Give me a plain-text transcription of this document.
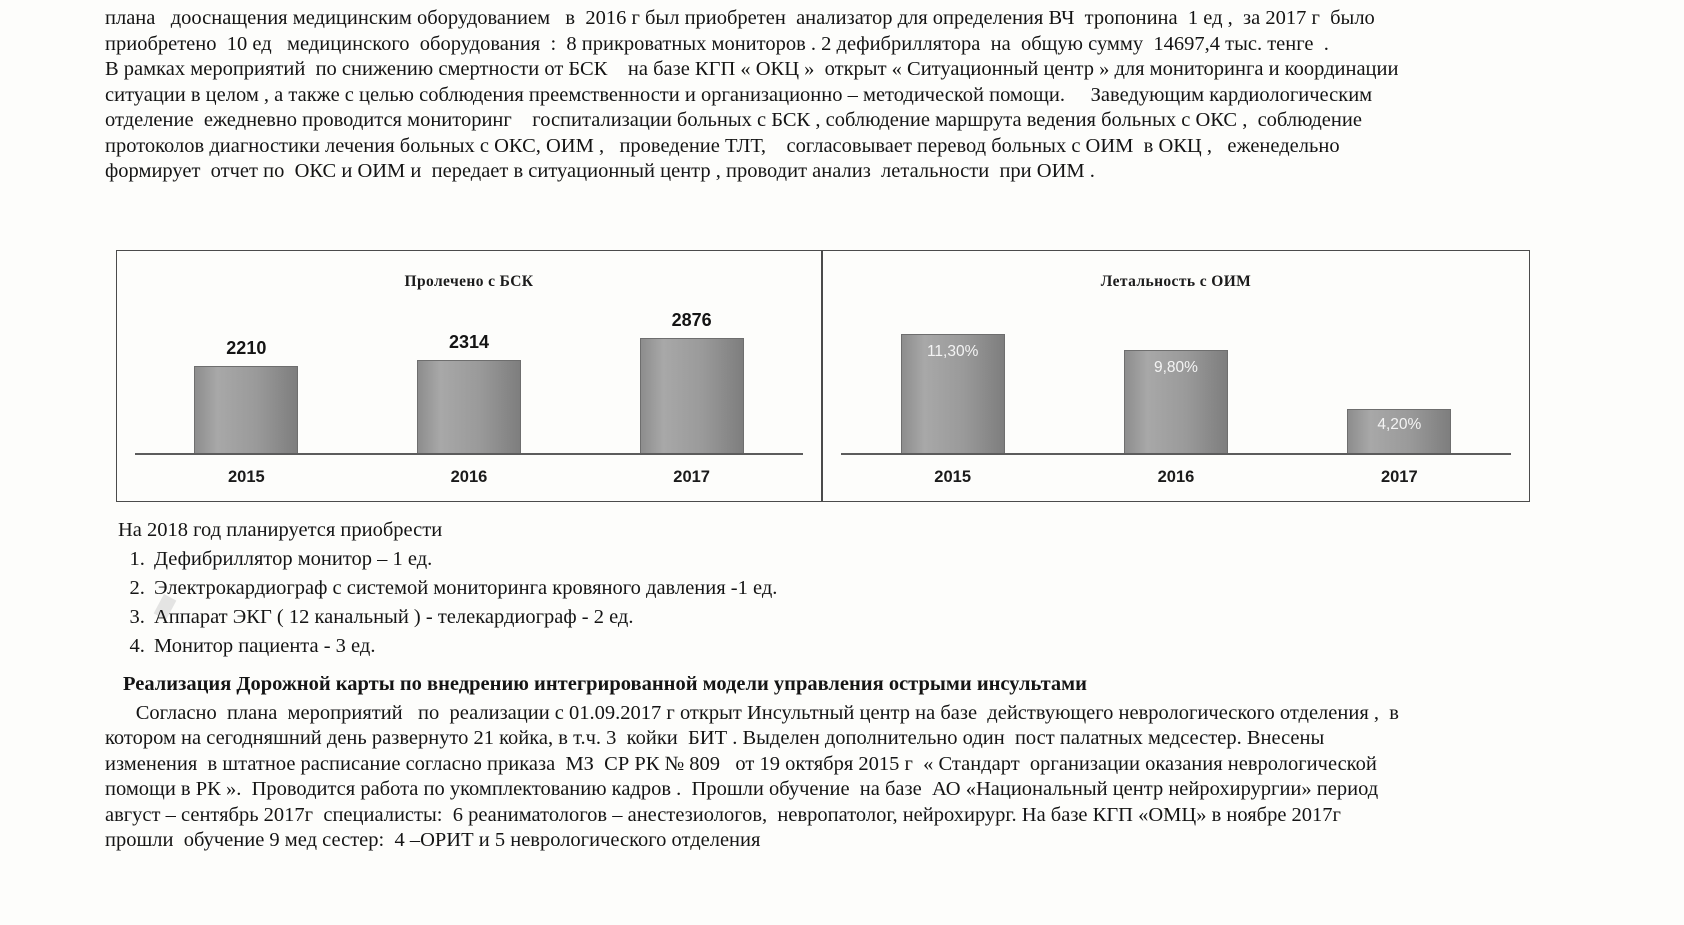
плана   дооснащения медицинским оборудованием   в  2016 г был приобретен  анализатор для определения ВЧ  тропонина  1 ед ,  за 2017 г  было

приобретено  10 ед   медицинского  оборудования  :  8 прикроватных мониторов . 2 дефибриллятора  на  общую сумму  14697,4 тыс. тенге  .

В рамках мероприятий  по снижению смертности от БСК    на базе КГП « ОКЦ »  открыт « Ситуационный центр » для мониторинга и координации

ситуации в целом , а также с целью соблюдения преемственности и организационно – методической помощи.     Заведующим кардиологическим

отделение  ежедневно проводится мониторинг    госпитализации больных с БСК , соблюдение маршрута ведения больных с ОКС ,  соблюдение

протоколов диагностики лечения больных с ОКС, ОИМ ,   проведение ТЛТ,    согласовывает перевод больных с ОИМ  в ОКЦ ,   еженедельно

формирует  отчет по  ОКС и ОИМ и  передает в ситуационный центр , проводит анализ  летальности  при ОИМ .

Пролеченo с БСК
2210	2314
2876
2015	2016	2017
Летальность с ОИМ
11,30%
9,80%
4,20%
2015	2016	2017
На 2018 год планируется приобрести
1. Дефибриллятор монитор – 1 ед.
2. Электрокардиограф с системой мониторинга кровяного давления -1 ед.
3. Аппарат ЭКГ ( 12 канальный ) - телекардиограф - 2 ед.
4. Монитор пациента - 3 ед.
Реализация Дорожной карты по внедрению интегрированной модели управления острыми инсультами

Согласно  плана  мероприятий   по  реализации с 01.09.2017 г открыт Инсультный центр на базе  действующего неврологического отделения ,  в

котором на сегодняшний день развернуто 21 койка, в т.ч. 3  койки  БИТ . Выделен дополнительно один  пост палатных медсестер. Внесены

изменения  в штатное расписание согласно приказа  МЗ  СР РК № 809   от 19 октября 2015 г  « Стандарт  организации оказания неврологической

помощи в РК ».  Проводится работа по укомплектованию кадров .  Прошли обучение  на базе  АО «Национальный центр нейрохирургии» период

август – сентябрь 2017г  специалисты:  6 реаниматологов – анестезиологов,  невропатолог, нейрохирург. На базе КГП «ОМЦ» в ноябре 2017г

прошли  обучение 9 мед сестер:  4 –ОРИТ и 5 неврологического отделения
